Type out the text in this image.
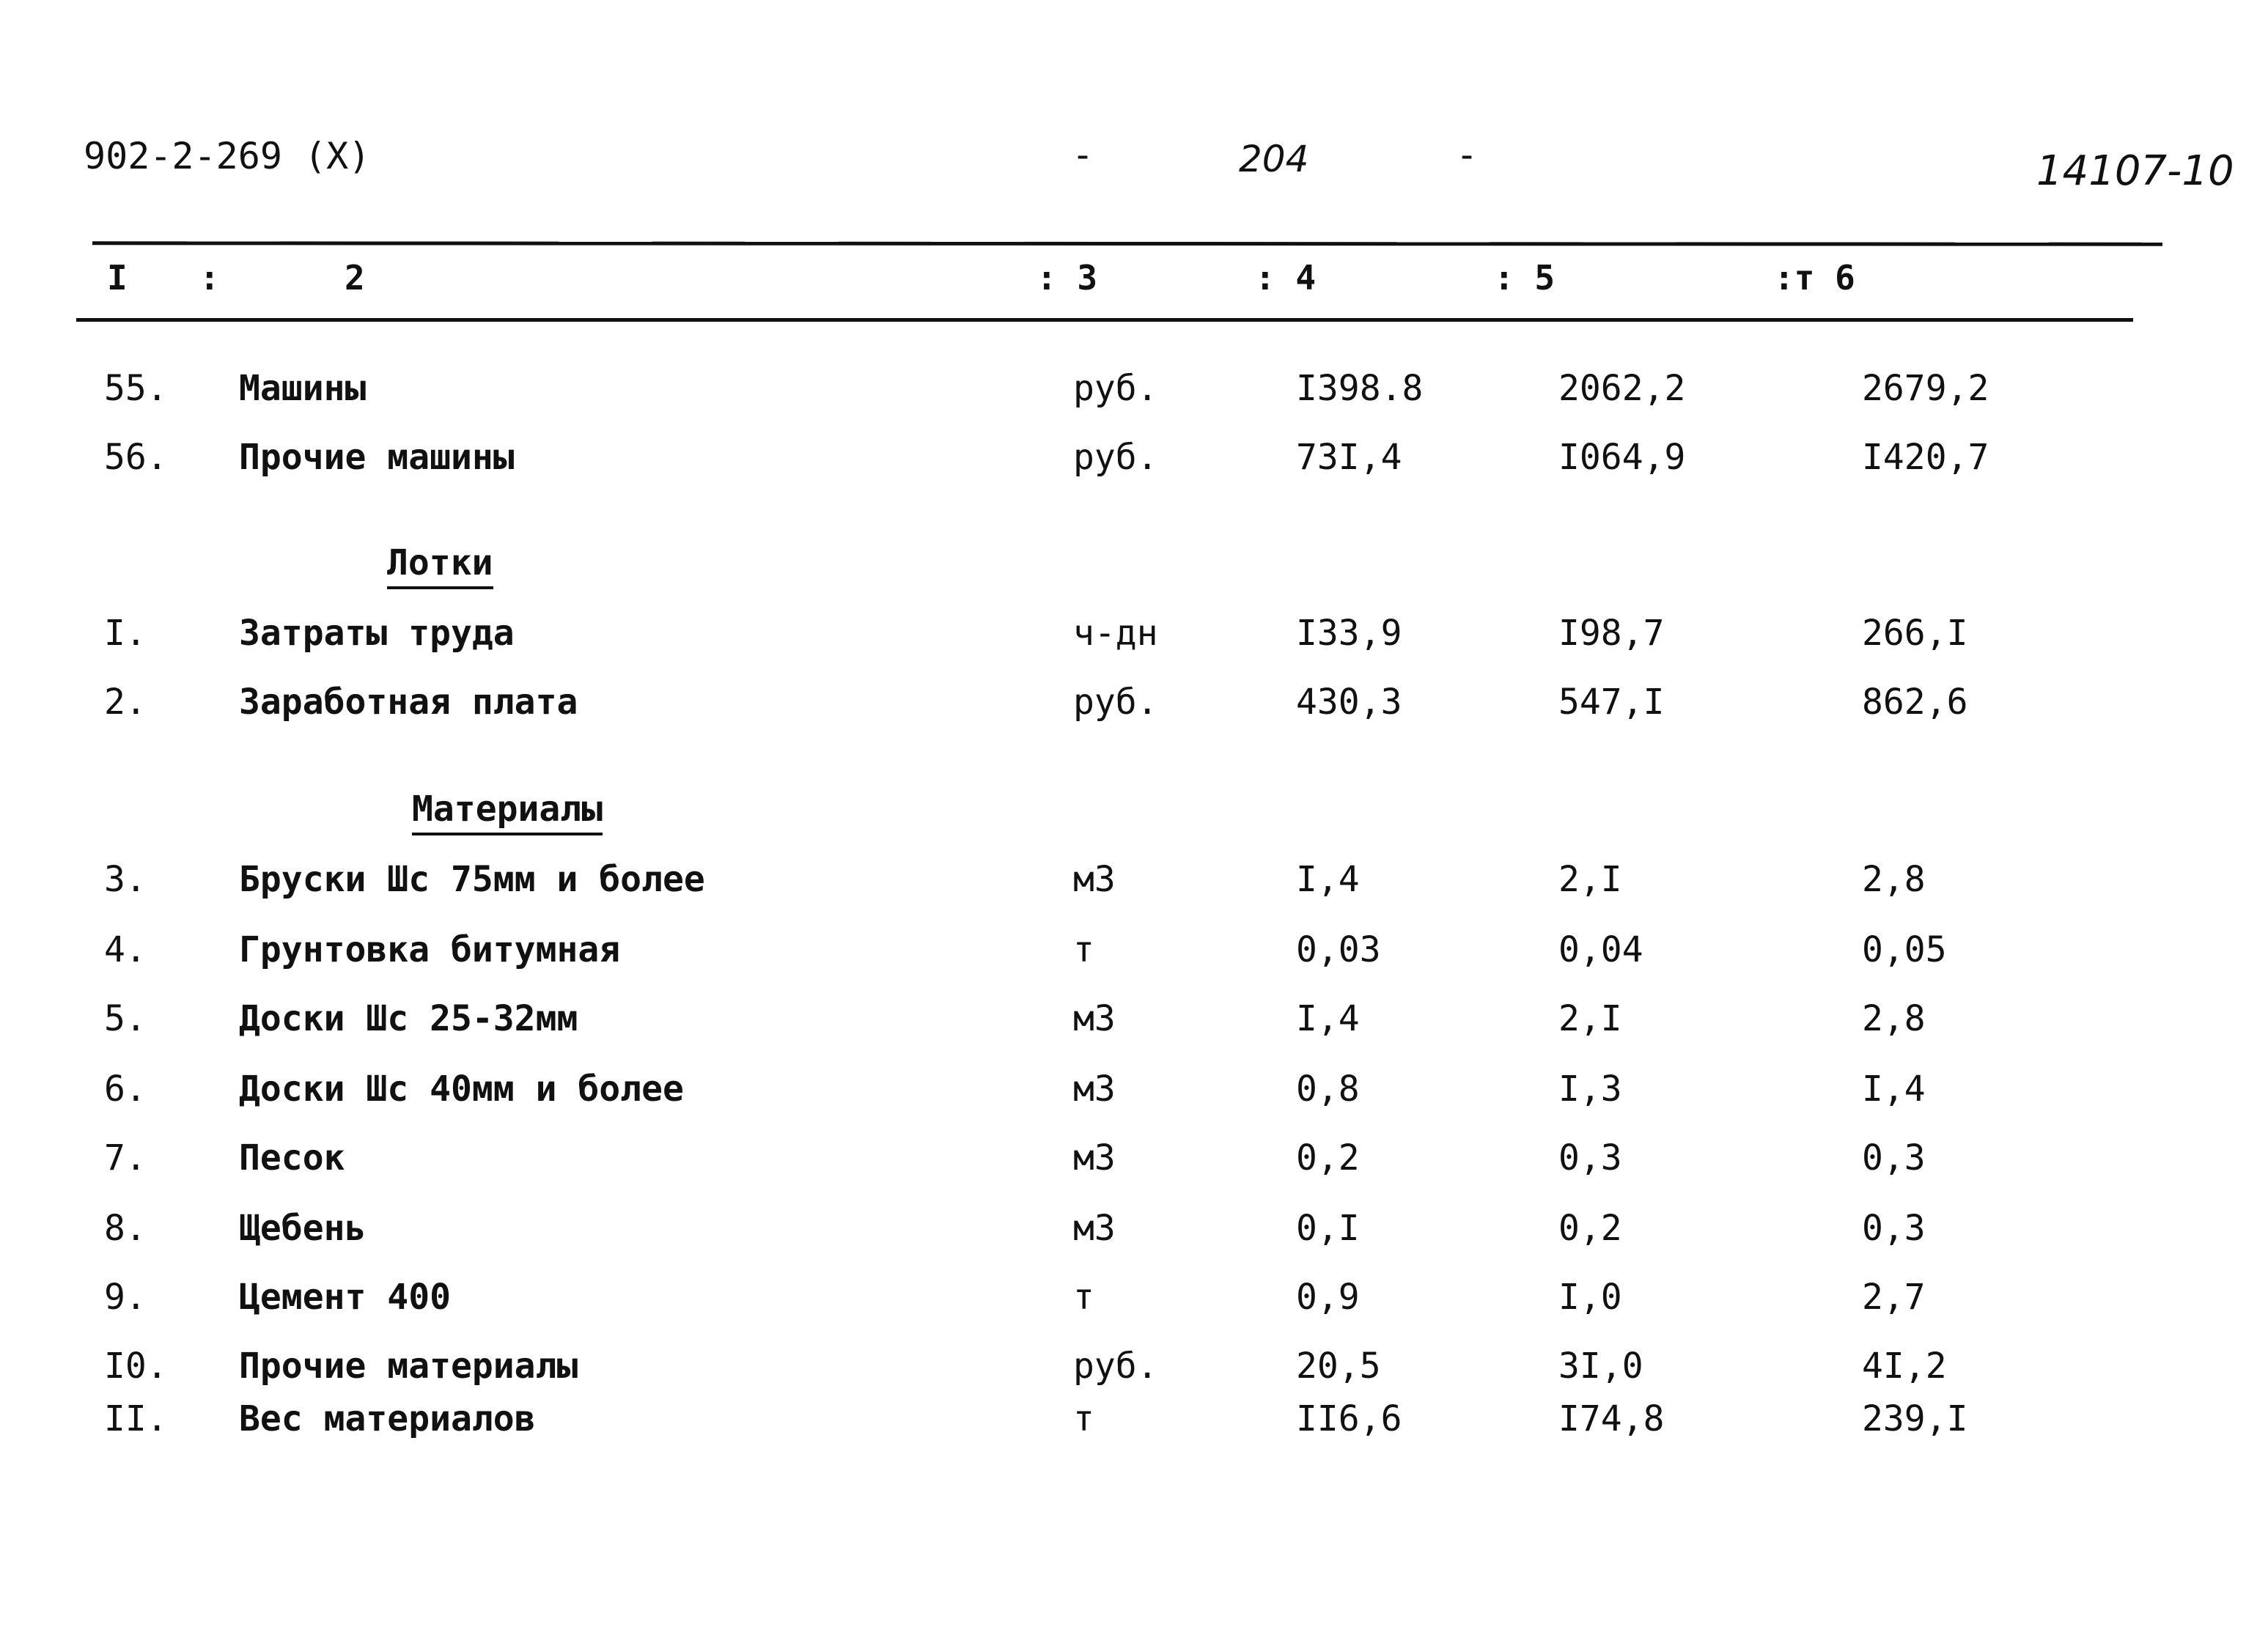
902-2-269 (X)	-	204	-	14107-10
I :	2	: 3	: 4	: 5	:т 6
55. Машины	руб.	I398.8	2062,2	2679,2
56. Прочие машины	руб.	73I,4	I064,9	I420,7
Лотки
I.	Затраты труда	ч-дн	I33,9	I98,7	266,I
2.	Заработная плата	руб.	430,3	547,I	862,6
Материалы
3.	Бруски Шс 75мм и более	м3	I,4	2,I	2,8
4.	Грунтовка битумная	т	0,03	0,04	0,05
5.	Доски Шс 25-32мм	м3	I,4	2,I	2,8
6.	Доски Шс 40мм и более	м3	0,8	I,3	I,4
7.	Песок	м3	0,2	0,3	0,3
8.	Щебень	м3	0,I	0,2	0,3
9.	Цемент 400	т	0,9	I,0	2,7
I0. Прочие материалы	руб.	20,5	3I,0	4I,2
II. Вес материалов	т	II6,6	I74,8	239,I
